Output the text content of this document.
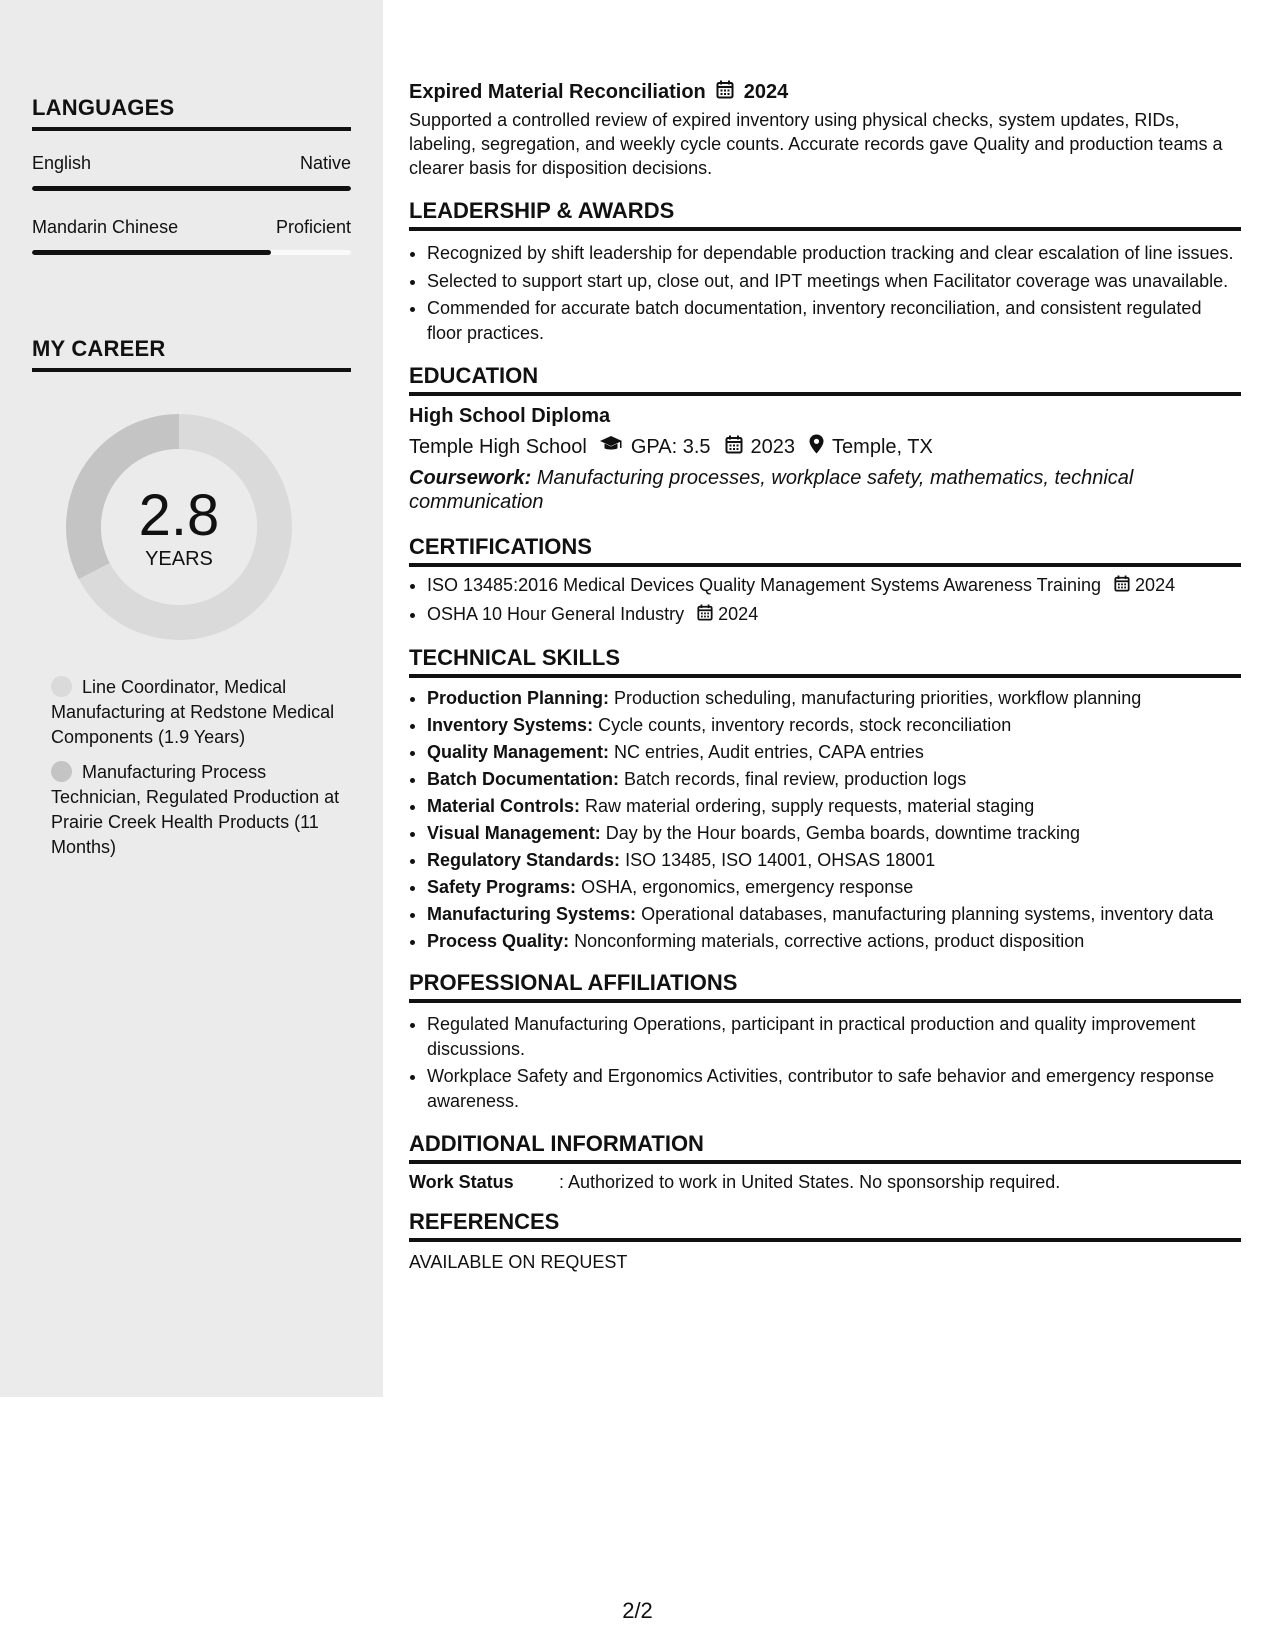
LANGUAGES
English	Native
Mandarin Chinese	Proficient
MY CAREER
2.8
YEARS
Line Coordinator, Medical Manufacturing at Redstone Medical Components (1.9 Years)
Manufacturing Process Technician, Regulated Production at Prairie Creek Health Products (11 Months)
Expired Material Reconciliation 2024
Supported a controlled review of expired inventory using physical checks, system updates, RIDs, labeling, segregation, and weekly cycle counts. Accurate records gave Quality and production teams a clearer basis for disposition decisions.
LEADERSHIP & AWARDS
• Recognized by shift leadership for dependable production tracking and clear escalation of line issues.
• Selected to support start up, close out, and IPT meetings when Facilitator coverage was unavailable.
• Commended for accurate batch documentation, inventory reconciliation, and consistent regulated floor practices.
EDUCATION
High School Diploma
Temple High School GPA: 3.5 2023 Temple, TX
Coursework: Manufacturing processes, workplace safety, mathematics, technical communication
CERTIFICATIONS
• ISO 13485:2016 Medical Devices Quality Management Systems Awareness Training 2024
• OSHA 10 Hour General Industry 2024
TECHNICAL SKILLS
• Production Planning: Production scheduling, manufacturing priorities, workflow planning
• Inventory Systems: Cycle counts, inventory records, stock reconciliation
• Quality Management: NC entries, Audit entries, CAPA entries
• Batch Documentation: Batch records, final review, production logs
• Material Controls: Raw material ordering, supply requests, material staging
• Visual Management: Day by the Hour boards, Gemba boards, downtime tracking
• Regulatory Standards: ISO 13485, ISO 14001, OHSAS 18001
• Safety Programs: OSHA, ergonomics, emergency response
• Manufacturing Systems: Operational databases, manufacturing planning systems, inventory data
• Process Quality: Nonconforming materials, corrective actions, product disposition
PROFESSIONAL AFFILIATIONS
• Regulated Manufacturing Operations, participant in practical production and quality improvement discussions.
• Workplace Safety and Ergonomics Activities, contributor to safe behavior and emergency response awareness.
ADDITIONAL INFORMATION
Work Status	: Authorized to work in United States. No sponsorship required.
REFERENCES
AVAILABLE ON REQUEST
2/2
